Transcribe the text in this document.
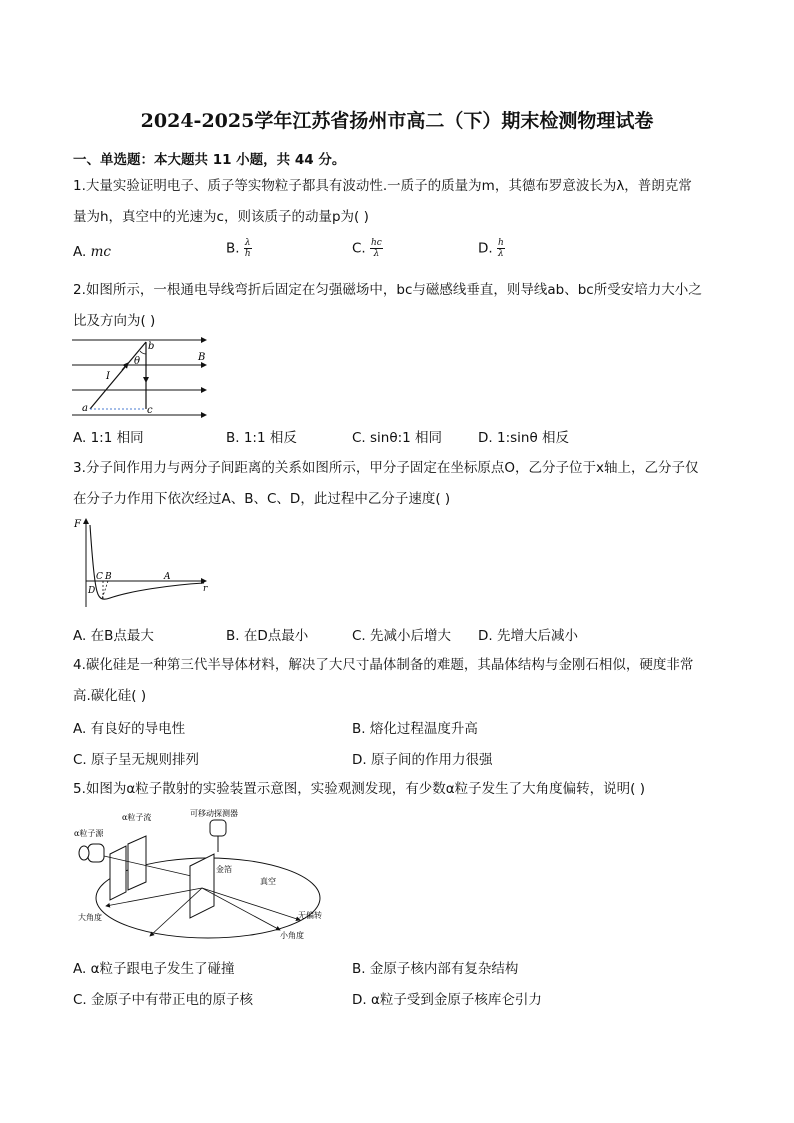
2024-2025学年江苏省扬州市高二（下）期末检测物理试卷
一、单选题：本大题共 11 小题，共 44 分。
1.大量实验证明电子、质子等实物粒子都具有波动性.一质子的质量为m，其德布罗意波长为λ，普朗克常
量为h，真空中的光速为c，则该质子的动量p为( )
A. mc	B. $\frac{\lambda}{h}$	C. $\frac{hc}{\lambda}$	D. $\frac{h}{\lambda}$
2.如图所示，一根通电导线弯折后固定在匀强磁场中，bc与磁感线垂直，则导线ab、bc所受安培力大小之
比及方向为( )
b
B
I
θ
a	c
A. 1:1 相同	B. 1:1 相反	C. sinθ:1 相同	D. 1:sinθ 相反
3.分子间作用力与两分子间距离的关系如图所示，甲分子固定在坐标原点O，乙分子位于x轴上，乙分子仅
在分子力作用下依次经过A、B、C、D，此过程中乙分子速度( )
F
C B	A
D	r
A. 在B点最大	B. 在D点最小	C. 先减小后增大 D. 先增大后减小
4.碳化硅是一种第三代半导体材料，解决了大尺寸晶体制备的难题，其晶体结构与金刚石相似，硬度非常
高.碳化硅( )
A. 有良好的导电性	B. 熔化过程温度升高
C. 原子呈无规则排列	D. 原子间的作用力很强
5.如图为α粒子散射的实验装置示意图，实验观测发现，有少数α粒子发生了大角度偏转，说明( )
α粒子源
α粒子流	可移动探测器
金箔
真空
大角度	无偏转
小角度
A. α粒子跟电子发生了碰撞	B. 金原子核内部有复杂结构
C. 金原子中有带正电的原子核	D. α粒子受到金原子核库仑引力
